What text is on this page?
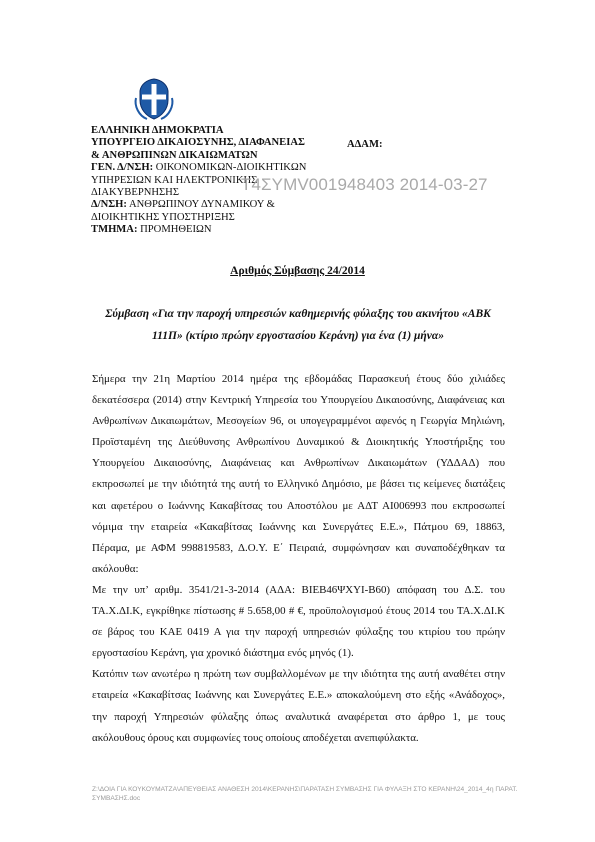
ΕΛΛΗΝΙΚΗ ΔΗΜΟΚΡΑΤΙΑ
ΥΠΟΥΡΓΕΙΟ ΔΙΚΑΙΟΣΥΝΗΣ, ΔΙΑΦΑΝΕΙΑΣ
& ΑΝΘΡΩΠΙΝΩΝ ΔΙΚΑΙΩΜΑΤΩΝ
ΓΕΝ. Δ/ΝΣΗ: ΟΙΚΟΝΟΜΙΚΩΝ-ΔΙΟΙΚΗΤΙΚΩΝ
ΥΠΗΡΕΣΙΩΝ ΚΑΙ ΗΛΕΚΤΡΟΝΙΚΗΣ
ΔΙΑΚΥΒΕΡΝΗΣΗΣ
Δ/ΝΣΗ: ΑΝΘΡΩΠΙΝΟΥ ΔΥΝΑΜΙΚΟΥ &
ΔΙΟΙΚΗΤΙΚΗΣ ΥΠΟΣΤΗΡΙΞΗΣ
ΤΜΗΜΑ: ΠΡΟΜΗΘΕΙΩΝ
ΑΔΑΜ:
Τ4ΣΥΜV001948403 2014-03-27
Αριθμός Σύμβασης 24/2014
Σύμβαση «Για την παροχή υπηρεσιών καθημερινής φύλαξης του ακινήτου «ΑΒΚ 111Π» (κτίριο πρώην εργοστασίου Κεράνη) για ένα (1) μήνα»

Σήμερα την 21η Μαρτίου 2014 ημέρα της εβδομάδας Παρασκευή έτους δύο χιλιάδες δεκατέσσερα (2014) στην Κεντρική Υπηρεσία του Υπουργείου Δικαιοσύνης, Διαφάνειας και Ανθρωπίνων Δικαιωμάτων, Μεσογείων 96, οι υπογεγραμμένοι αφενός η Γεωργία Μηλιώνη, Προϊσταμένη της Διεύθυνσης Ανθρωπίνου Δυναμικού & Διοικητικής Υποστήριξης του Υπουργείου Δικαιοσύνης, Διαφάνειας και Ανθρωπίνων Δικαιωμάτων (ΥΔΔΑΔ) που εκπροσωπεί με την ιδιότητά της αυτή το Ελληνικό Δημόσιο, με βάσει τις κείμενες διατάξεις και αφετέρου ο Ιωάννης Κακαβίτσας του Αποστόλου με ΑΔΤ ΑΙ006993 που εκπροσωπεί νόμιμα την εταιρεία «Κακαβίτσας Ιωάννης και Συνεργάτες Ε.Ε.», Πάτμου 69, 18863, Πέραμα, με ΑΦΜ 998819583, Δ.Ο.Υ. Ε΄ Πειραιά, συμφώνησαν και συναποδέχθηκαν τα ακόλουθα:

Με την υπ’ αριθμ. 3541/21-3-2014 (ΑΔΑ: ΒΙΕΒ46ΨΧΥΙ-Β60) απόφαση του Δ.Σ. του ΤΑ.Χ.ΔΙ.Κ, εγκρίθηκε πίστωσης # 5.658,00 # €, προϋπολογισμού έτους 2014 του ΤΑ.Χ.ΔΙ.Κ σε βάρος του ΚΑΕ 0419 Α για την παροχή υπηρεσιών φύλαξης του κτιρίου του πρώην εργοστασίου Κεράνη, για χρονικό διάστημα ενός μηνός (1).

Κατόπιν των ανωτέρω η πρώτη των συμβαλλομένων με την ιδιότητα της αυτή αναθέτει στην εταιρεία «Κακαβίτσας Ιωάννης και Συνεργάτες Ε.Ε.» αποκαλούμενη στο εξής «Ανάδοχος», την παροχή Υπηρεσιών φύλαξης όπως αναλυτικά αναφέρεται στο άρθρο 1, με τους ακόλουθους όρους και συμφωνίες τους οποίους αποδέχεται ανεπιφύλακτα.

Z:\ΔΟΙΑ ΓΙΑ ΚΟΥΚΟΥΜΑΤΖΑ\ΑΠΕΥΘΕΙΑΣ ΑΝΑΘΕΣΗ 2014\ΚΕΡΑΝΗΣ\ΠΑΡΑΤΑΣΗ ΣΥΜΒΑΣΗΣ ΓΙΑ ΦΥΛΑΞΗ ΣΤΟ ΚΕΡΑΝΗ\24_2014_4η ΠΑΡΑΤ. ΣΥΜΒΑΣΗΣ.doc
